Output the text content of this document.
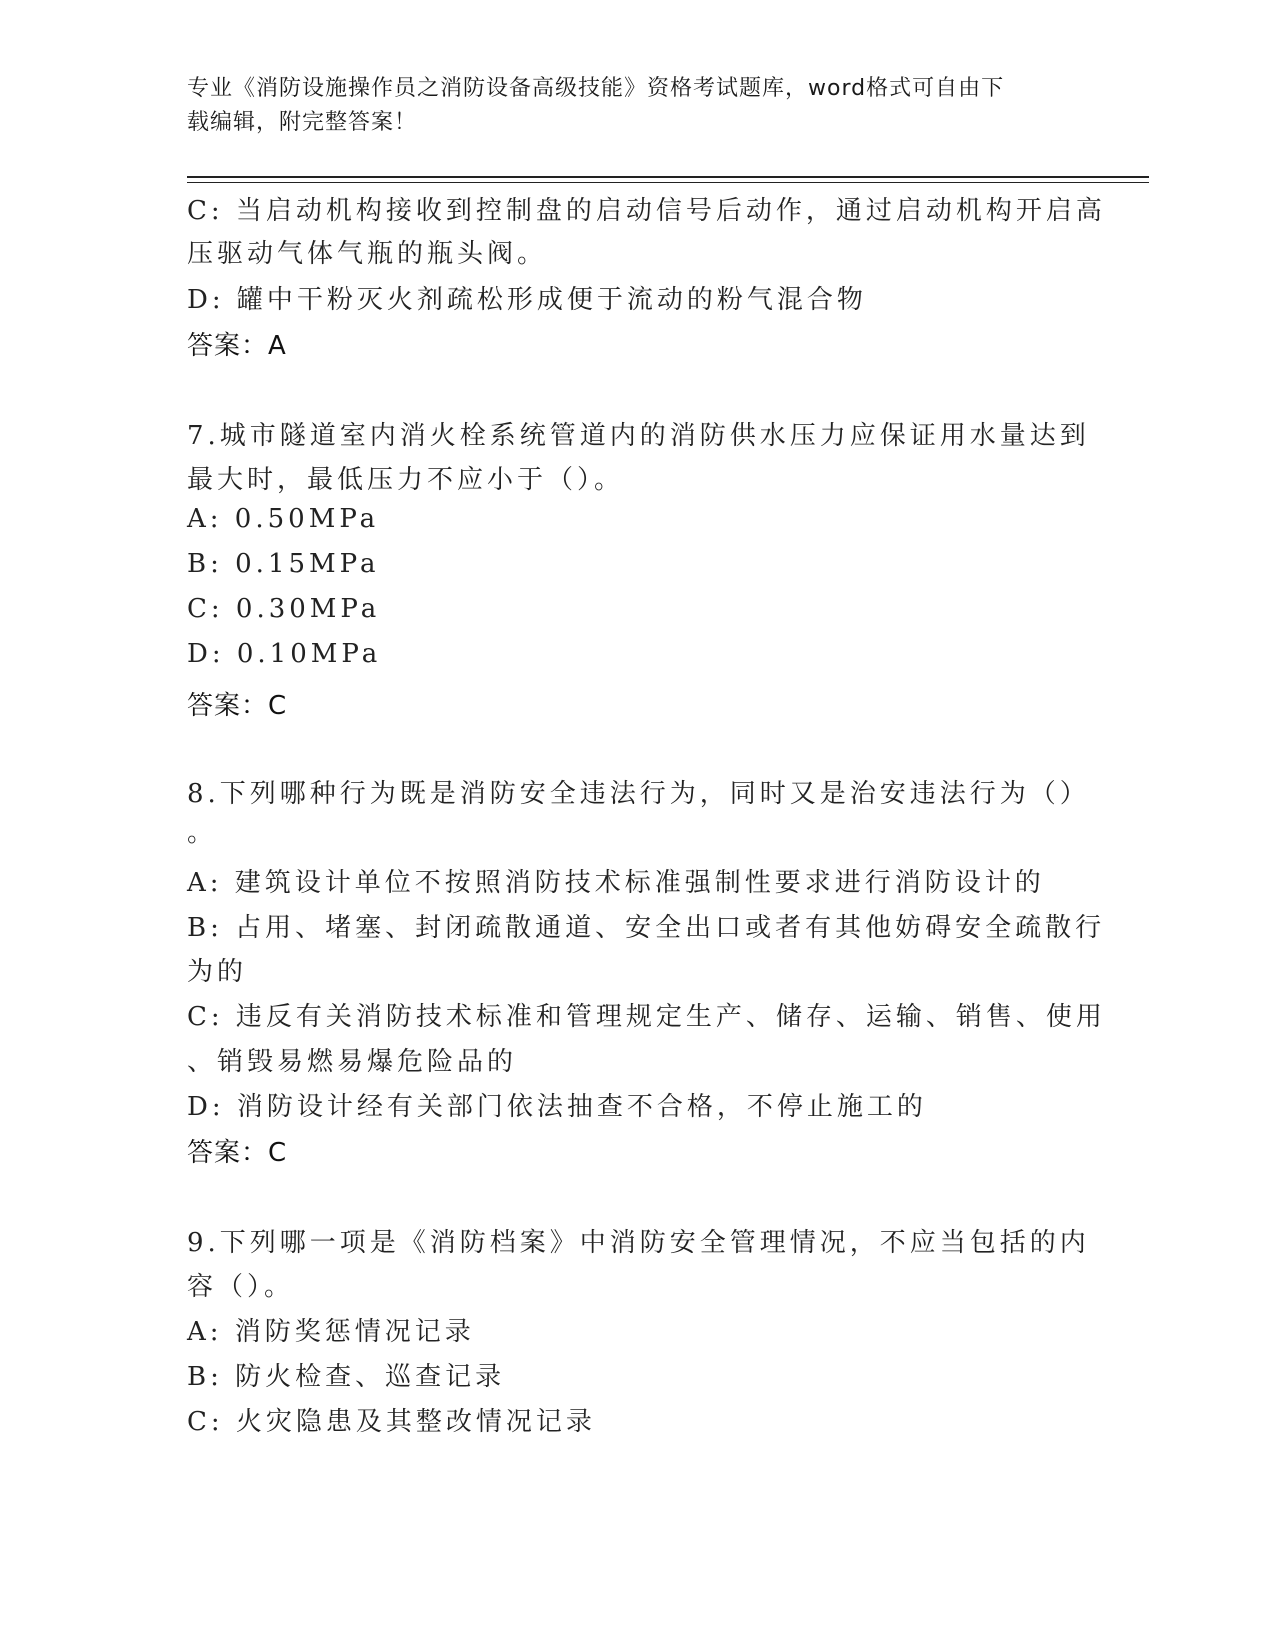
专业《消防设施操作员之消防设备高级技能》资格考试题库，word格式可自由下
载编辑，附完整答案！
C: 当启动机构接收到控制盘的启动信号后动作，通过启动机构开启高
压驱动气体气瓶的瓶头阀。
D: 罐中干粉灭火剂疏松形成便于流动的粉气混合物
答案：A
7.城市隧道室内消火栓系统管道内的消防供水压力应保证用水量达到
最大时，最低压力不应小于（）。
A: 0.50MPa
B: 0.15MPa
C: 0.30MPa
D: 0.10MPa
答案：C
8.下列哪种行为既是消防安全违法行为，同时又是治安违法行为（）
。
A: 建筑设计单位不按照消防技术标准强制性要求进行消防设计的
B: 占用、堵塞、封闭疏散通道、安全出口或者有其他妨碍安全疏散行
为的
C: 违反有关消防技术标准和管理规定生产、储存、运输、销售、使用
、销毁易燃易爆危险品的
D: 消防设计经有关部门依法抽查不合格，不停止施工的
答案：C
9.下列哪一项是《消防档案》中消防安全管理情况，不应当包括的内
容（）。
A: 消防奖惩情况记录
B: 防火检查、巡查记录
C: 火灾隐患及其整改情况记录
